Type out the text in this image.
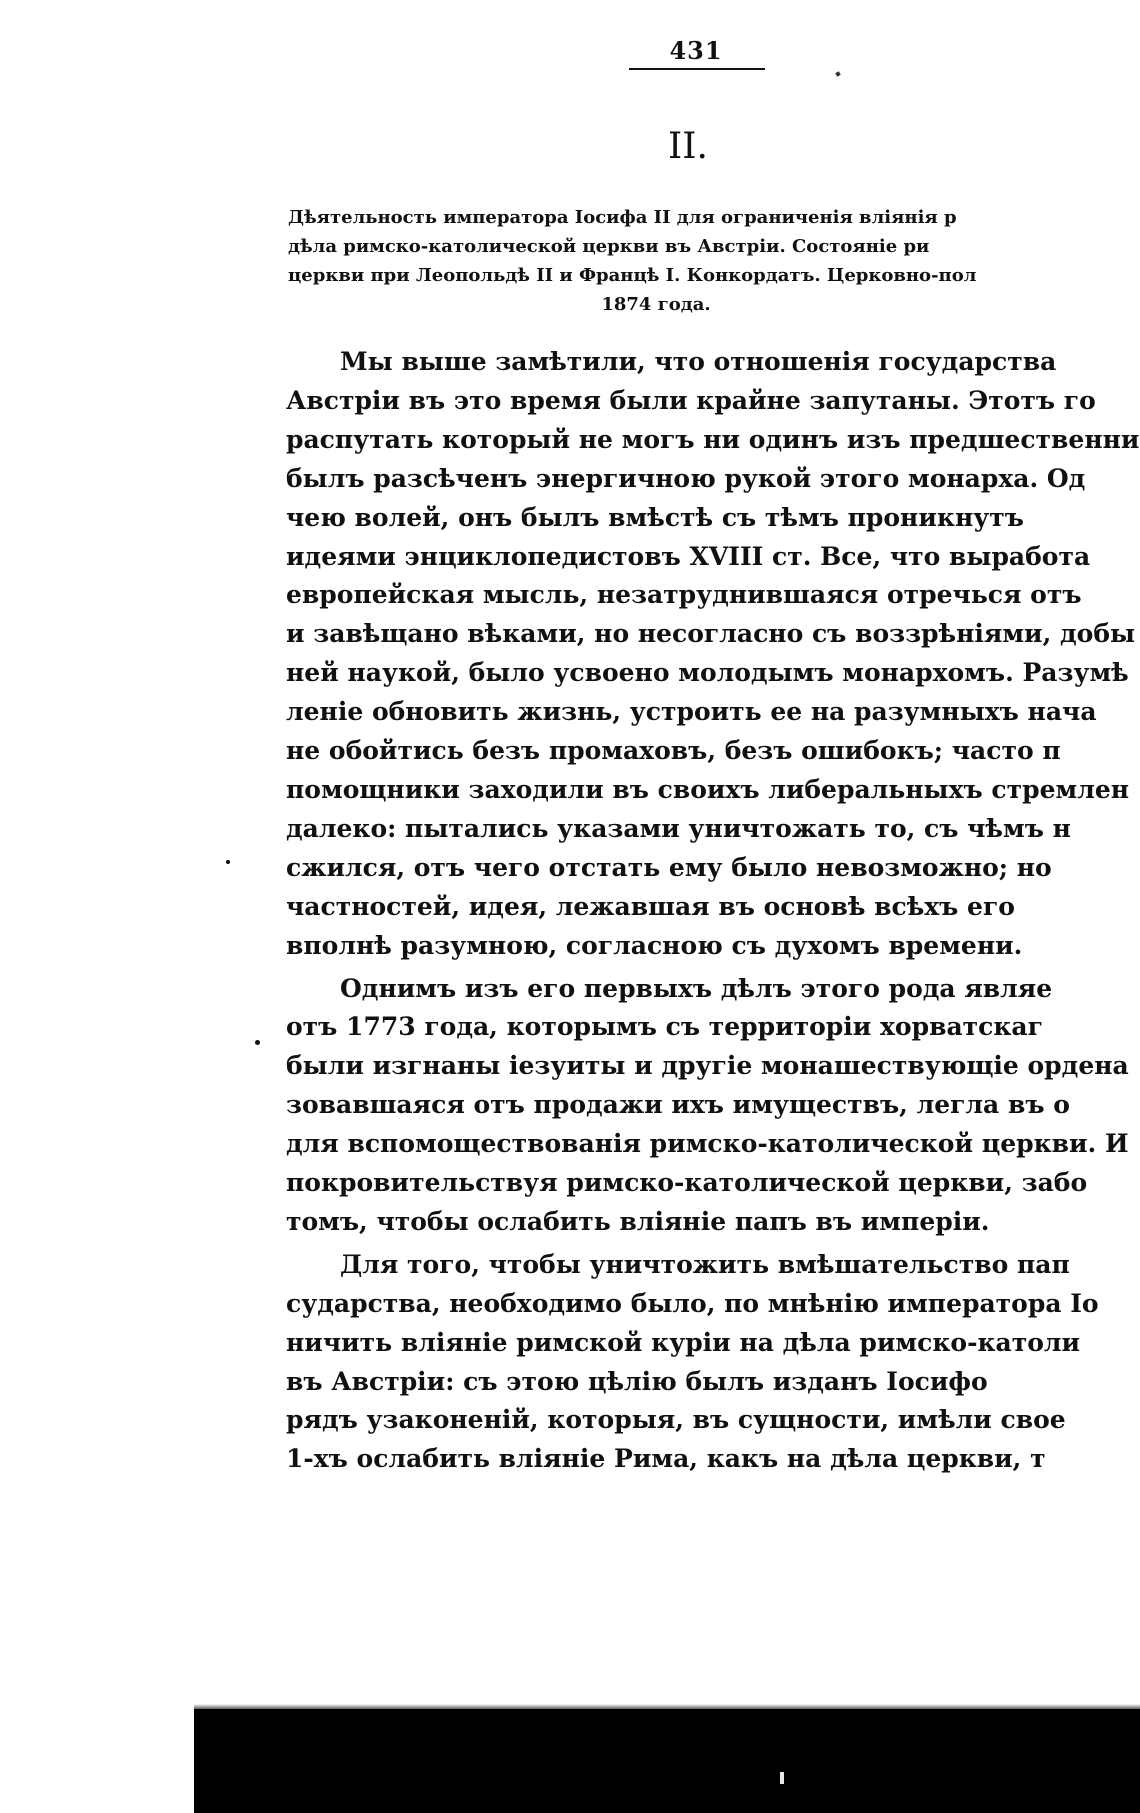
431
II.
Дѣятельность императора Іосифа II для ограниченія вліянія р
дѣла римско-католической церкви въ Австріи. Состояніе ри
церкви при Леопольдѣ II и Францѣ I. Конкордатъ. Церковно-пол
1874 года.
Мы выше замѣтили, что отношенія государства
Австріи въ это время были крайне запутаны. Этотъ го
распутать который не могъ ни одинъ изъ предшественни
былъ разсѣченъ энергичною рукой этого монарха. Од
чею волей, онъ былъ вмѣстѣ съ тѣмъ проникнутъ
идеями энциклопедистовъ XVIII ст. Все, что выработа
европейская мысль, незатруднившаяся отречься отъ
и завѣщано вѣками, но несогласно съ воззрѣніями, добы
ней наукой, было усвоено молодымъ монархомъ. Разумѣ
леніе обновить жизнь, устроить ее на разумныхъ нача
не обойтись безъ промаховъ, безъ ошибокъ; часто п
помощники заходили въ своихъ либеральныхъ стремлен
далеко: пытались указами уничтожать то, съ чѣмъ н
сжился, отъ чего отстать ему было невозможно; но
частностей, идея, лежавшая въ основѣ всѣхъ его
вполнѣ разумною, согласною съ духомъ времени.
Однимъ изъ его первыхъ дѣлъ этого рода являе
отъ 1773 года, которымъ съ территоріи хорватскаг
были изгнаны іезуиты и другіе монашествующіе ордена
зовавшаяся отъ продажи ихъ имуществъ, легла въ о
для вспомоществованія римско-католической церкви. И
покровительствуя римско-католической церкви, забо
томъ, чтобы ослабить вліяніе папъ въ имперіи.
Для того, чтобы уничтожить вмѣшательство пап
сударства, необходимо было, по мнѣнію императора Іо
ничить вліяніе римской куріи на дѣла римско-католи
въ Австріи: съ этою цѣлію былъ изданъ Іосифо
рядъ узаконеній, которыя, въ сущности, имѣли свое
1-хъ ослабить вліяніе Рима, какъ на дѣла церкви, т
